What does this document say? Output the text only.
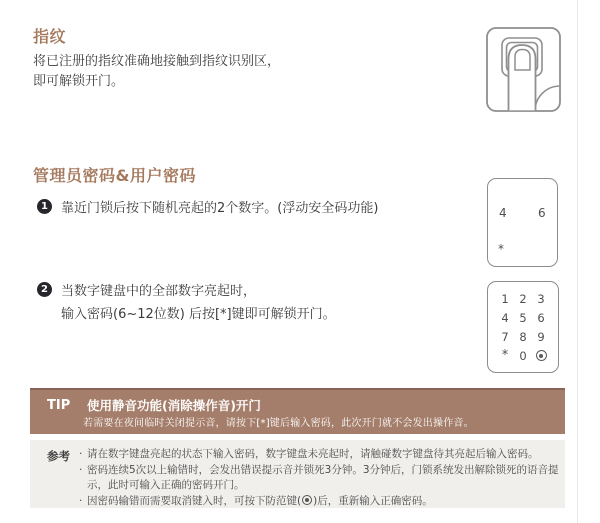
指纹
将已注册的指纹准确地接触到指纹识别区，
即可解锁开门。
管理员密码&用户密码
1	靠近门锁后按下随机亮起的2个数字。(浮动安全码功能)	4	6
*
2	当数字键盘中的全部数字亮起时，
输入密码(6~12位数) 后按[*]键即可解锁开门。
1 2 3
4 5 6
7 8 9
* 0
TIP 使用静音功能(消除操作音)开门
若需要在夜间临时关闭提示音，请按下[*]键后输入密码，此次开门就不会发出操作音。
参考 · 请在数字键盘亮起的状态下输入密码，数字键盘未亮起时，请触碰数字键盘待其亮起后输入密码。
· 密码连续5次以上输错时，会发出错误提示音并锁死3分钟。3分钟后，门锁系统发出解除锁死的语音提示，此时可输入正确的密码开门。
· 因密码输错而需要取消键入时，可按下防范键( )后，重新输入正确密码。
